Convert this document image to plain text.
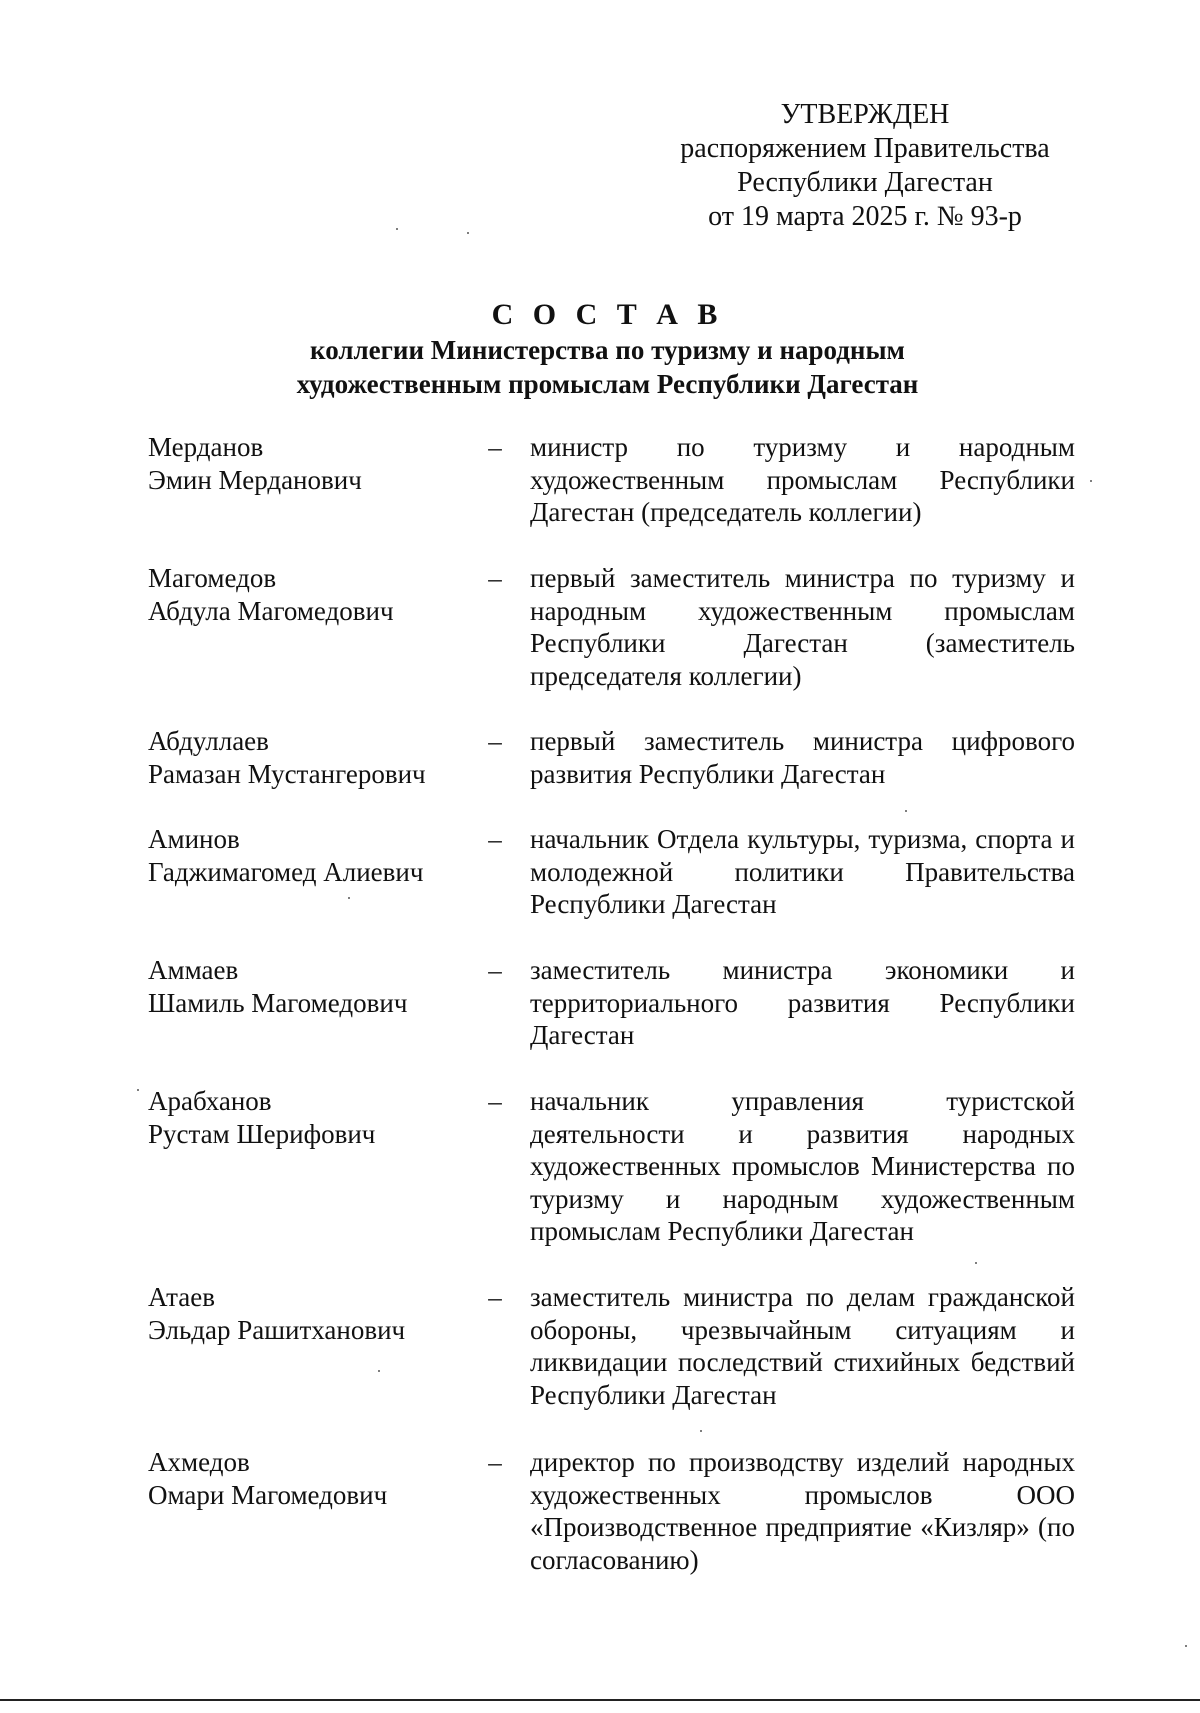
УТВЕРЖДЕН
распоряжением Правительства
Республики Дагестан
от 19 марта 2025 г. № 93-р
С О С Т А В
коллегии Министерства по туризму и народным
художественным промыслам Республики Дагестан
Мерданов
Эмин Мерданович
– министр по туризму и народным художественным промыслам Республики Дагестан (председатель коллегии)
Магомедов
Абдула Магомедович
– первый заместитель министра по туризму и народным художественным промыслам Республики Дагестан (заместитель председателя коллегии)
Абдуллаев
Рамазан Мустангерович
– первый заместитель министра цифрового развития Республики Дагестан
Аминов
Гаджимагомед Алиевич
– начальник Отдела культуры, туризма, спорта и молодежной политики Правительства Республики Дагестан
Аммаев
Шамиль Магомедович
– заместитель министра экономики и территориального развития Республики Дагестан
Арабханов
Рустам Шерифович
– начальник управления туристской деятельности и развития народных художественных промыслов Министерства по туризму и народным художественным промыслам Республики Дагестан
Атаев
Эльдар Рашитханович
– заместитель министра по делам гражданской обороны, чрезвычайным ситуациям и ликвидации последствий стихийных бедствий Республики Дагестан
Ахмедов
Омари Магомедович
– директор по производству изделий народных художественных промыслов ООО «Производственное предприятие «Кизляр» (по согласованию)
